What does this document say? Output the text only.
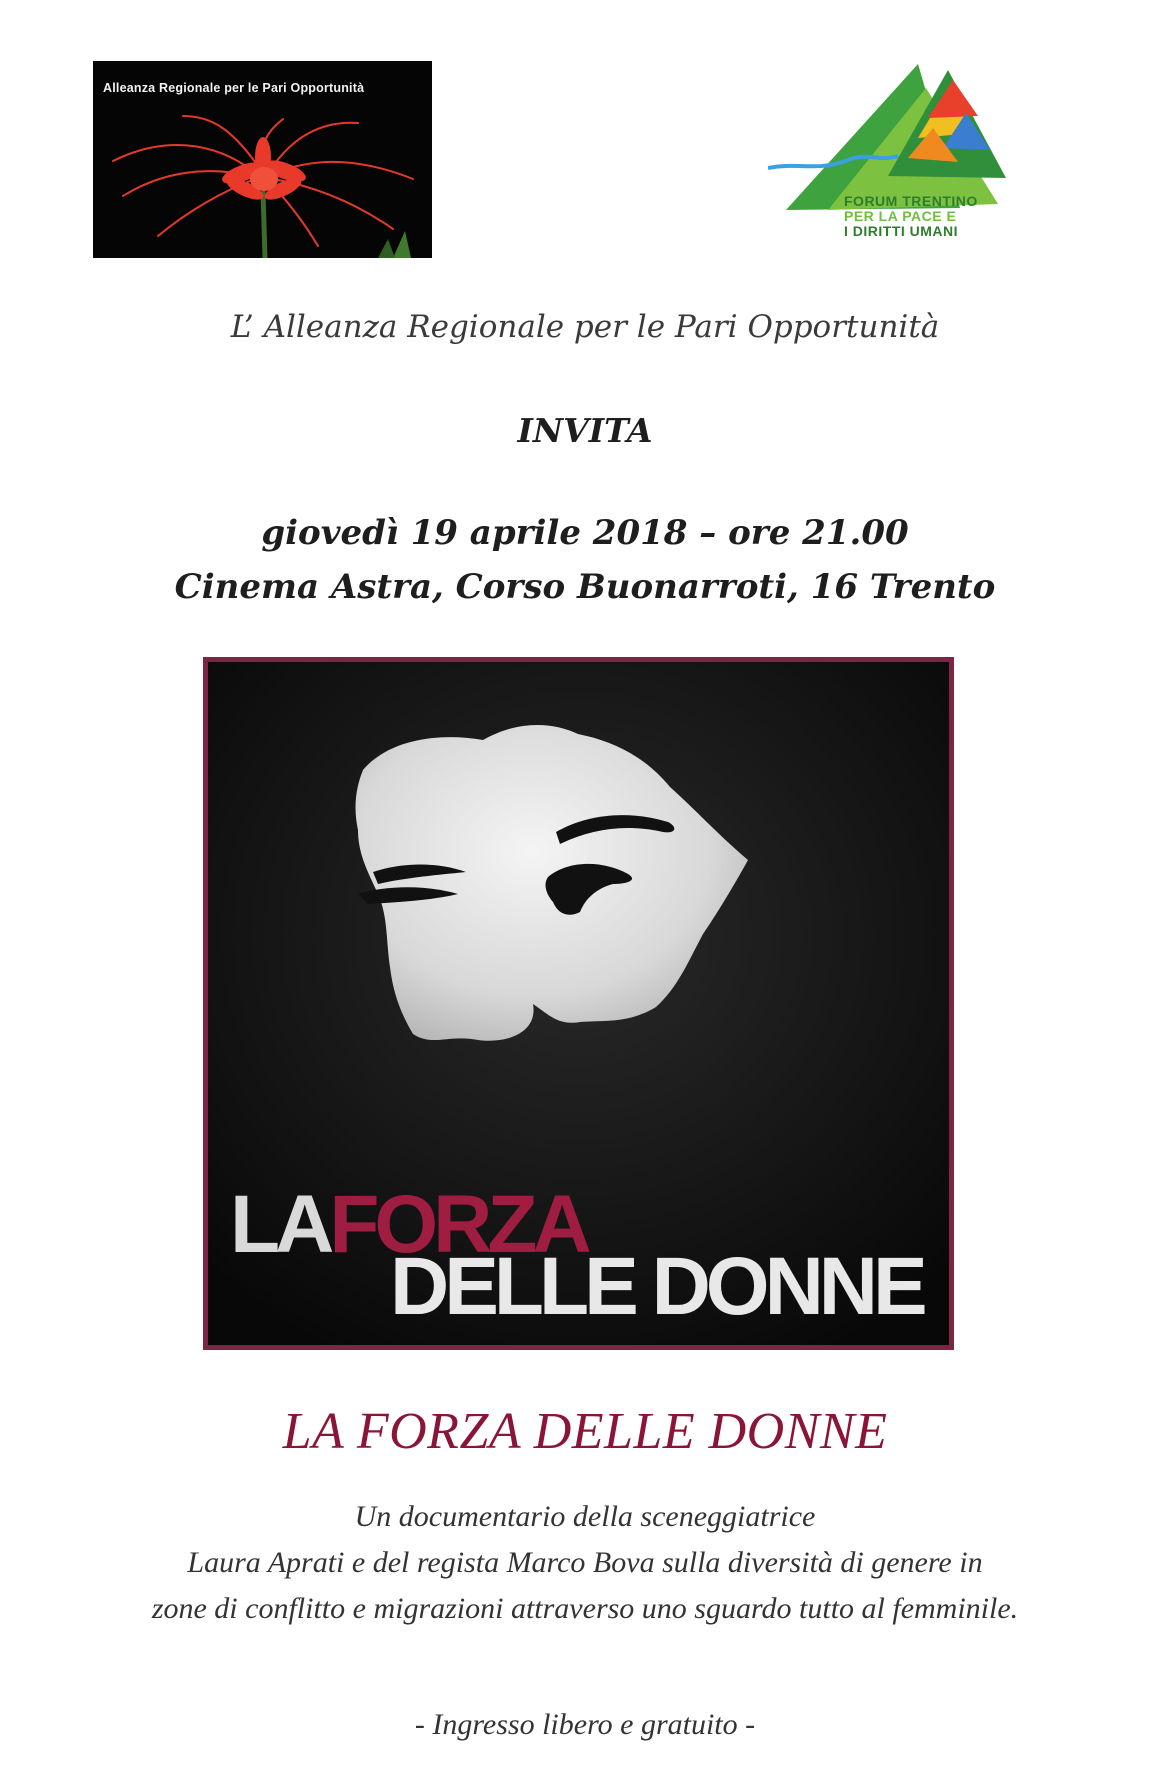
Alleanza Regionale per le Pari Opportunità
FORUM TRENTINO
PER LA PACE E
I DIRITTI UMANI
L’ Alleanza Regionale per le Pari Opportunità
INVITA
giovedì 19 aprile 2018 – ore 21.00
Cinema Astra, Corso Buonarroti, 16 Trento
LAFORZA
DELLE DONNE
LA FORZA DELLE DONNE
Un documentario della sceneggiatrice
Laura Aprati e del regista Marco Bova sulla diversità di genere in
zone di conflitto e migrazioni attraverso uno sguardo tutto al femminile.
- Ingresso libero e gratuito -
